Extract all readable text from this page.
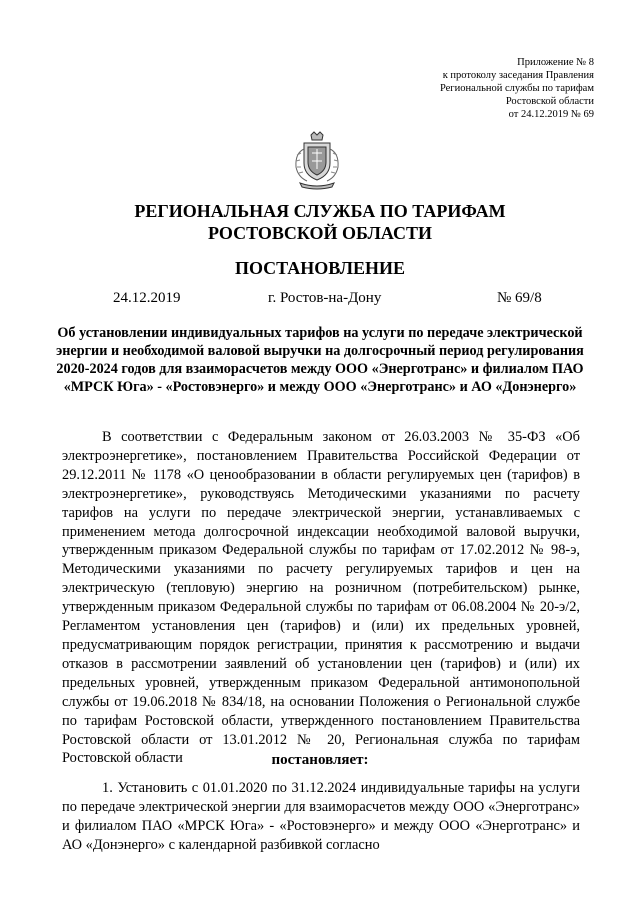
Приложение № 8
к протоколу заседания Правления
Региональной службы по тарифам
Ростовской области
от 24.12.2019 № 69
РЕГИОНАЛЬНАЯ СЛУЖБА ПО ТАРИФАМ
РОСТОВСКОЙ ОБЛАСТИ
ПОСТАНОВЛЕНИЕ
24.12.2019	г. Ростов-на-Дону	№ 69/8
Об установлении индивидуальных тарифов на услуги по передаче электрической энергии и необходимой валовой выручки на долгосрочный период регулирования 2020-2024 годов для взаиморасчетов между ООО «Энерготранс» и филиалом ПАО «МРСК Юга» - «Ростовэнерго» и между ООО «Энерготранс» и АО «Донэнерго»

В соответствии с Федеральным законом от 26.03.2003 № 35-ФЗ «Об электроэнергетике», постановлением Правительства Российской Федерации от 29.12.2011 № 1178 «О ценообразовании в области регулируемых цен (тарифов) в электроэнергетике», руководствуясь Методическими указаниями по расчету тарифов на услуги по передаче электрической энергии, устанавливаемых с применением метода долгосрочной индексации необходимой валовой выручки, утвержденным приказом Федеральной службы по тарифам от 17.02.2012 № 98-э, Методическими указаниями по расчету регулируемых тарифов и цен на электрическую (тепловую) энергию на розничном (потребительском) рынке, утвержденным приказом Федеральной службы по тарифам от 06.08.2004 № 20-э/2, Регламентом установления цен (тарифов) и (или) их предельных уровней, предусматривающим порядок регистрации, принятия к рассмотрению и выдачи отказов в рассмотрении заявлений об установлении цен (тарифов) и (или) их предельных уровней, утвержденным приказом Федеральной антимонопольной службы от 19.06.2018 № 834/18, на основании Положения о Региональной службе по тарифам Ростовской области, утвержденного постановлением Правительства Ростовской области от 13.01.2012 № 20, Региональная служба по тарифам Ростовской области	постановляет:

1. Установить с 01.01.2020 по 31.12.2024 индивидуальные тарифы на услуги по передаче электрической энергии для взаиморасчетов между ООО «Энерготранс» и филиалом ПАО «МРСК Юга» - «Ростовэнерго» и между ООО «Энерготранс» и АО «Донэнерго» с календарной разбивкой согласно
